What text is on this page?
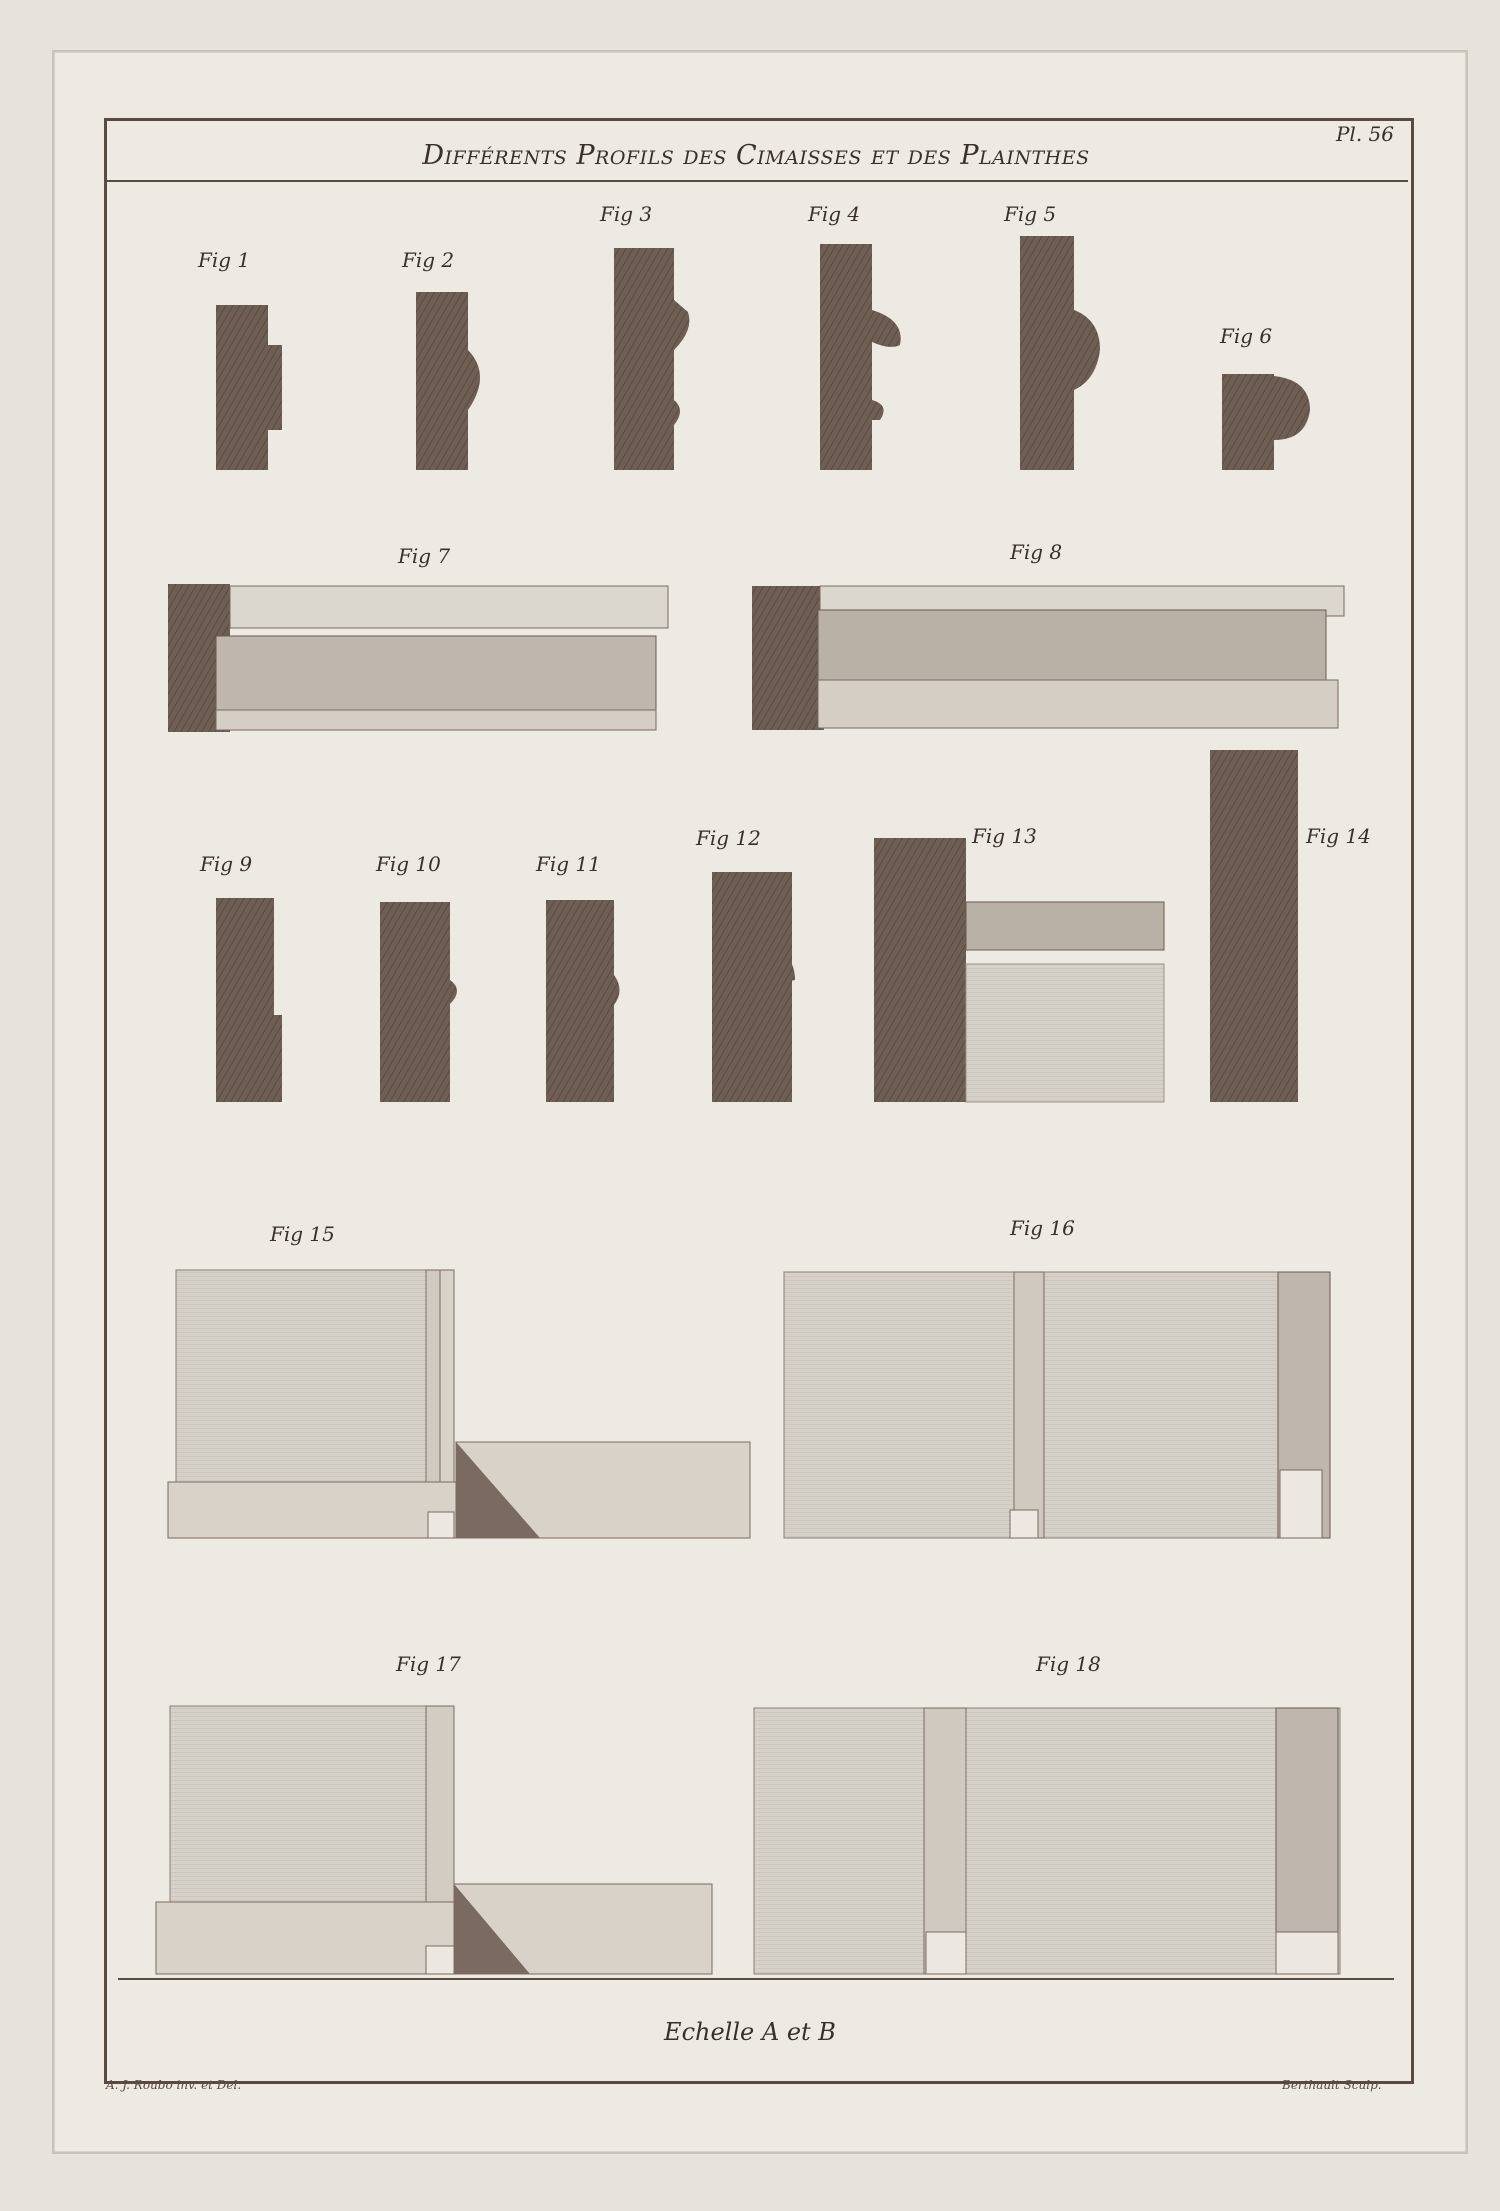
Différents Profils des Cimaisses et des Plainthes
Pl. 56
Fig 1	Fig 2
Fig 3	Fig 4	Fig 5
Fig 6
Fig 7	Fig 8
Fig 9	Fig 10	Fig 11
Fig 12	Fig 13	Fig 14
Fig 15	Fig 16
Fig 17	Fig 18
Echelle A et B
A. J. Roubo inv. et Del.	Berthault Sculp.
